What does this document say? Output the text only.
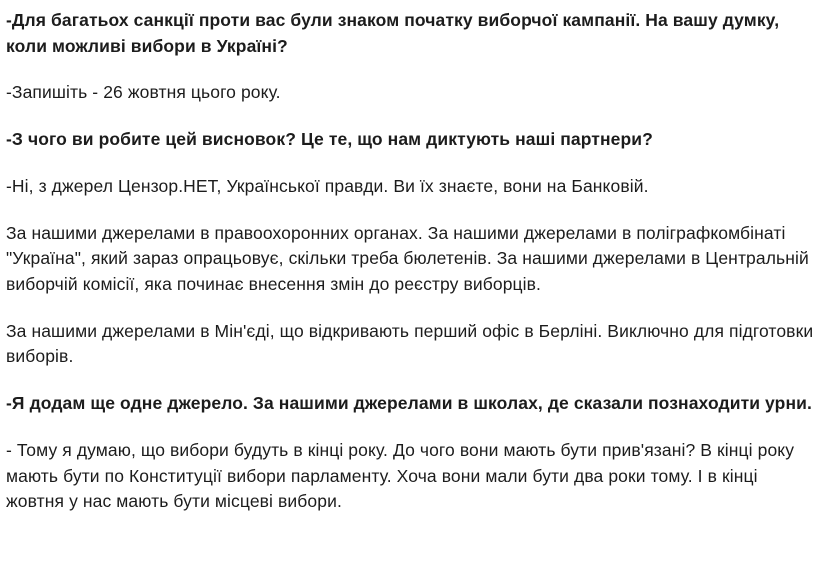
-Для багатьох санкції проти вас були знаком початку виборчої кампанії. На вашу думку, коли можливі вибори в Україні?

-Запишіть - 26 жовтня цього року.

-З чого ви робите цей висновок? Це те, що нам диктують наші партнери?

-Ні, з джерел Цензор.НЕТ, Української правди. Ви їх знаєте, вони на Банковій.

За нашими джерелами в правоохоронних органах. За нашими джерелами в поліграфкомбінаті "Україна", який зараз опрацьовує, скільки треба бюлетенів. За нашими джерелами в Центральній виборчій комісії, яка починає внесення змін до реєстру виборців.

За нашими джерелами в Мін'єді, що відкривають перший офіс в Берліні. Виключно для підготовки виборів.

-Я додам ще одне джерело. За нашими джерелами в школах, де сказали познаходити урни.

- Тому я думаю, що вибори будуть в кінці року. До чого вони мають бути прив'язані? В кінці року мають бути по Конституції вибори парламенту. Хоча вони мали бути два роки тому. І в кінці жовтня у нас мають бути місцеві вибори.
